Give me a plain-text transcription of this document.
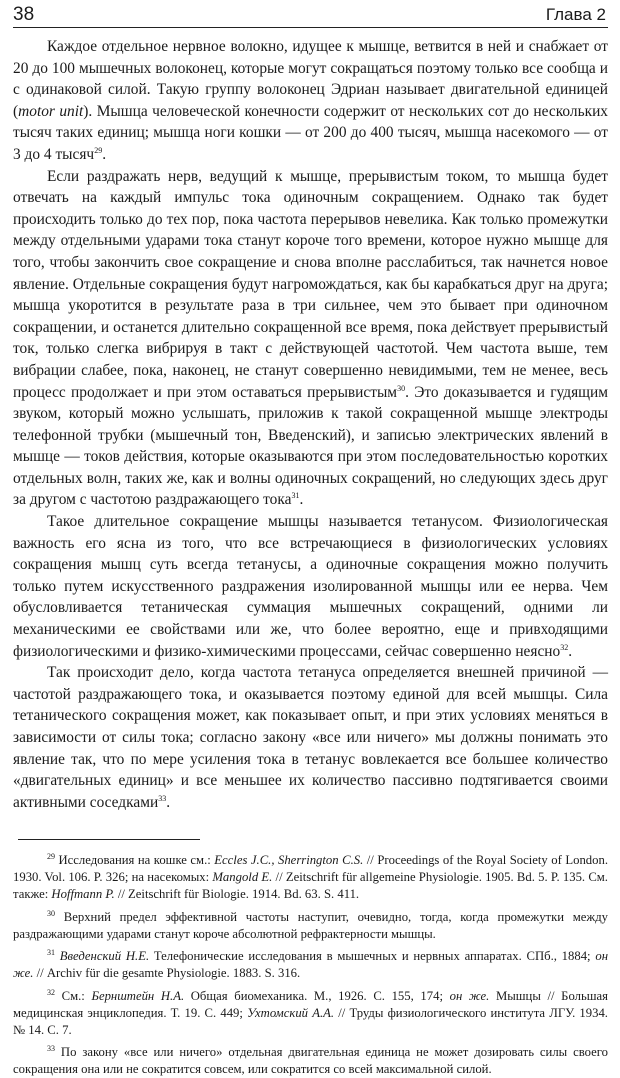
38	Глава 2

Каждое отдельное нервное волокно, идущее к мышце, ветвится в ней и снабжает от 20 до 100 мышечных волоконец, которые могут сокращаться поэтому только все сообща и с одинаковой силой. Такую группу волоконец Эдриан называет двигательной единицей (motor unit). Мышца человеческой конечности содержит от нескольких сот до нескольких тысяч таких единиц; мышца ноги кошки — от 200 до 400 тысяч, мышца насекомого — от 3 до 4 тысяч$^{29}$.

Если раздражать нерв, ведущий к мышце, прерывистым током, то мышца будет отвечать на каждый импульс тока одиночным сокращением. Однако так будет происходить только до тех пор, пока частота перерывов невелика. Как только промежутки между отдельными ударами тока станут короче того времени, которое нужно мышце для того, чтобы закончить свое сокращение и снова вполне расслабиться, так начнется новое явление. Отдельные сокращения будут нагромождаться, как бы карабкаться друг на друга; мышца укоротится в результате раза в три сильнее, чем это бывает при одиночном сокращении, и останется длительно сокращенной все время, пока действует прерывистый ток, только слегка вибрируя в такт с действующей частотой. Чем частота выше, тем вибрации слабее, пока, наконец, не станут совершенно невидимыми, тем не менее, весь процесс продолжает и при этом оставаться прерывистым$^{30}$. Это доказывается и гудящим звуком, который можно услышать, приложив к такой сокращенной мышце электроды телефонной трубки (мышечный тон, Введенский), и записью электрических явлений в мышце — токов действия, которые оказываются при этом последовательностью коротких отдельных волн, таких же, как и волны одиночных сокращений, но следующих здесь друг за другом с частотою раздражающего тока$^{31}$.

Такое длительное сокращение мышцы называется тетанусом. Физиологическая важность его ясна из того, что все встречающиеся в физиологических условиях сокращения мышц суть всегда тетанусы, а одиночные сокращения можно получить только путем искусственного раздражения изолированной мышцы или ее нерва. Чем обусловливается тетаническая суммация мышечных сокращений, одними ли механическими ее свойствами или же, что более вероятно, еще и привходящими физиологическими и физико-химическими процессами, сейчас совершенно неясно$^{32}$.

Так происходит дело, когда частота тетануса определяется внешней причиной — частотой раздражающего тока, и оказывается поэтому единой для всей мышцы. Сила тетанического сокращения может, как показывает опыт, и при этих условиях меняться в зависимости от силы тока; согласно закону «все или ничего» мы должны понимать это явление так, что по мере усиления тока в тетанус вовлекается все большее количество «двигательных единиц» и все меньшее их количество пассивно подтягивается своими активными соседками$^{33}$.

$^{29}$ Исследования на кошке см.: Eccles J.C., Sherrington C.S. // Proceedings of the Royal Society of London. 1930. Vol. 106. P. 326; на насекомых: Mangold E. // Zeitschrift für allgemeine Physiologie. 1905. Bd. 5. P. 135. См. также: Hoffmann P. // Zeitschrift für Biologie. 1914. Bd. 63. S. 411.

$^{30}$ Верхний предел эффективной частоты наступит, очевидно, тогда, когда промежутки между раздражающими ударами станут короче абсолютной рефрактерности мышцы.

$^{31}$ Введенский Н.Е. Телефонические исследования в мышечных и нервных аппаратах. СПб., 1884; он же. // Archiv für die gesamte Physiologie. 1883. S. 316.

$^{32}$ См.: Бернштейн Н.А. Общая биомеханика. М., 1926. С. 155, 174; он же. Мышцы // Большая медицинская энциклопедия. Т. 19. С. 449; Ухтомский А.А. // Труды физиологического института ЛГУ. 1934. № 14. С. 7.

$^{33}$ По закону «все или ничего» отдельная двигательная единица не может дозировать силы своего сокращения она или не сократится совсем, или сократится со всей максимальной силой.
